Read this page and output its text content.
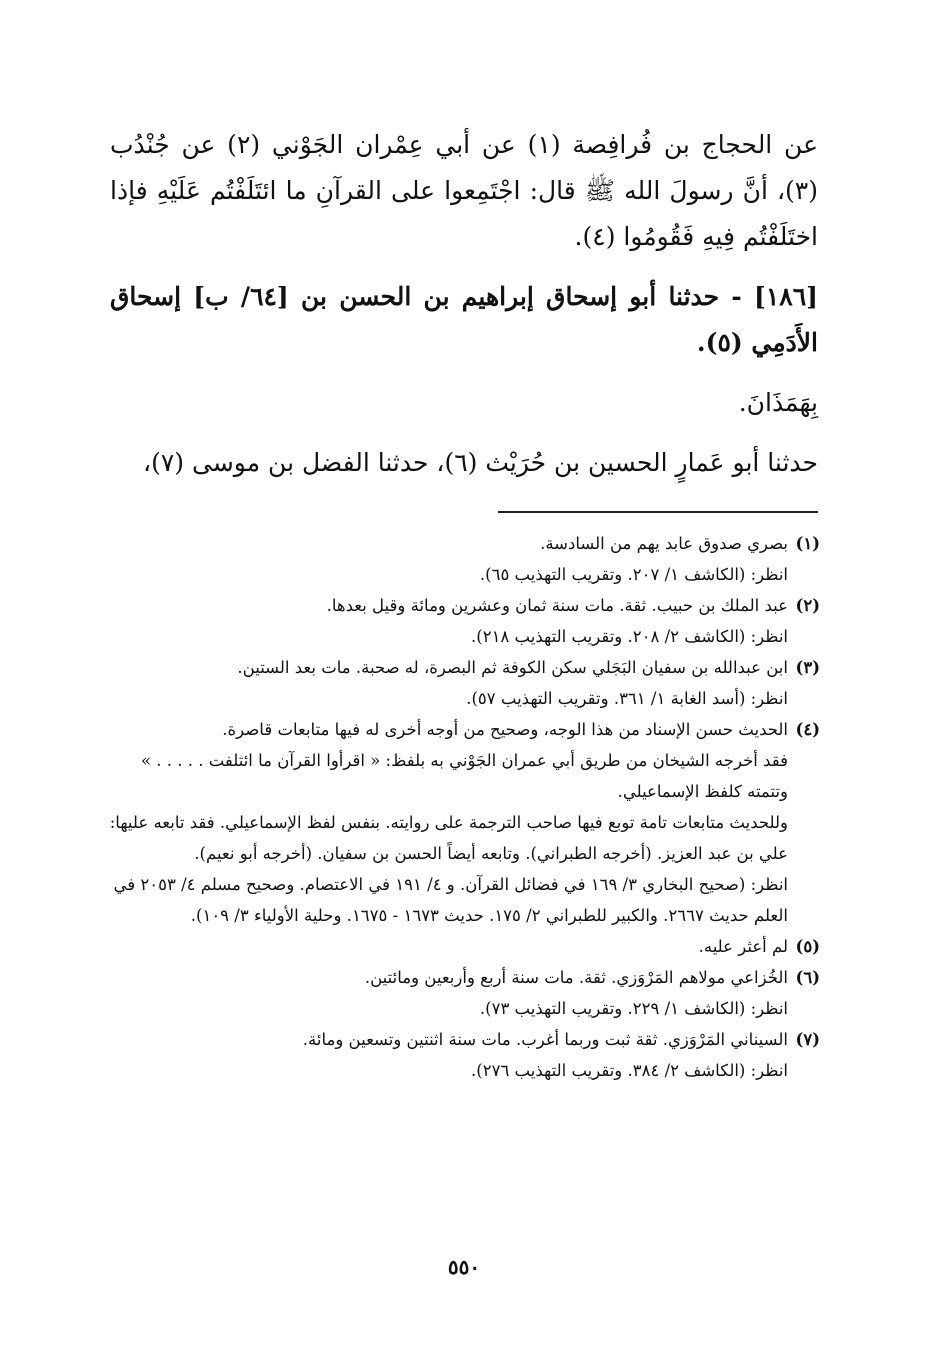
عن الحجاج بن فُرافِصة (١) عن أبي عِمْران الجَوْني (٢) عن جُنْدُب (٣)، أنَّ رسولَ الله ﷺ قال: اجْتَمِعوا على القرآنِ ما ائتَلَفْتُم عَلَيْهِ فإذا اختَلَفْتُم فِيهِ فَقُومُوا (٤).

[١٨٦] - حدثنا أبو إسحاق إبراهيم بن الحسن بن [٦٤/ ب] إسحاق الأَدَمِي (٥).

بِهَمَذَانَ.

حدثنا أبو عَمارٍ الحسين بن حُرَيْث (٦)، حدثنا الفضل بن موسى (٧)،

(١)بصري صدوق عابد يهم من السادسة.

انظر: (الكاشف ١/ ٢٠٧. وتقريب التهذيب ٦٥).

(٢)عبد الملك بن حبيب. ثقة. مات سنة ثمان وعشرين ومائة وقيل بعدها.

انظر: (الكاشف ٢/ ٢٠٨. وتقريب التهذيب ٢١٨).

(٣)ابن عبدالله بن سفيان البَجَلي سكن الكوفة ثم البصرة، له صحبة. مات بعد الستين.

انظر: (أسد الغابة ١/ ٣٦١. وتقريب التهذيب ٥٧).

(٤)الحديث حسن الإسناد من هذا الوجه، وصحيح من أوجه أخرى له فيها متابعات قاصرة.

فقد أخرجه الشيخان من طريق أبي عمران الجَوْني به بلفظ: « اقرأوا القرآن ما ائتلفت . . . . . » وتتمته كلفظ الإسماعيلي.

وللحديث متابعات تامة توبع فيها صاحب الترجمة على روايته. بنفس لفظ الإسماعيلي. فقد تابعه عليها: علي بن عبد العزيز. (أخرجه الطبراني). وتابعه أيضاً الحسن بن سفيان. (أخرجه أبو نعيم).

انظر: (صحيح البخاري ٣/ ١٦٩ في فضائل القرآن. و ٤/ ١٩١ في الاعتصام. وصحيح مسلم ٤/ ٢٠٥٣ في العلم حديث ٢٦٦٧. والكبير للطبراني ٢/ ١٧٥. حديث ١٦٧٣ - ١٦٧٥. وحلية الأولياء ٣/ ١٠٩).

(٥)لم أعثر عليه.

(٦)الخُزاعي مولاهم المَرْوَزي. ثقة. مات سنة أربع وأربعين ومائتين.

انظر: (الكاشف ١/ ٢٢٩. وتقريب التهذيب ٧٣).

(٧)السيناني المَرْوَزي. ثقة ثبت وربما أغرب. مات سنة اثنتين وتسعين ومائة.

انظر: (الكاشف ٢/ ٣٨٤. وتقريب التهذيب ٢٧٦).

٥٥٠
